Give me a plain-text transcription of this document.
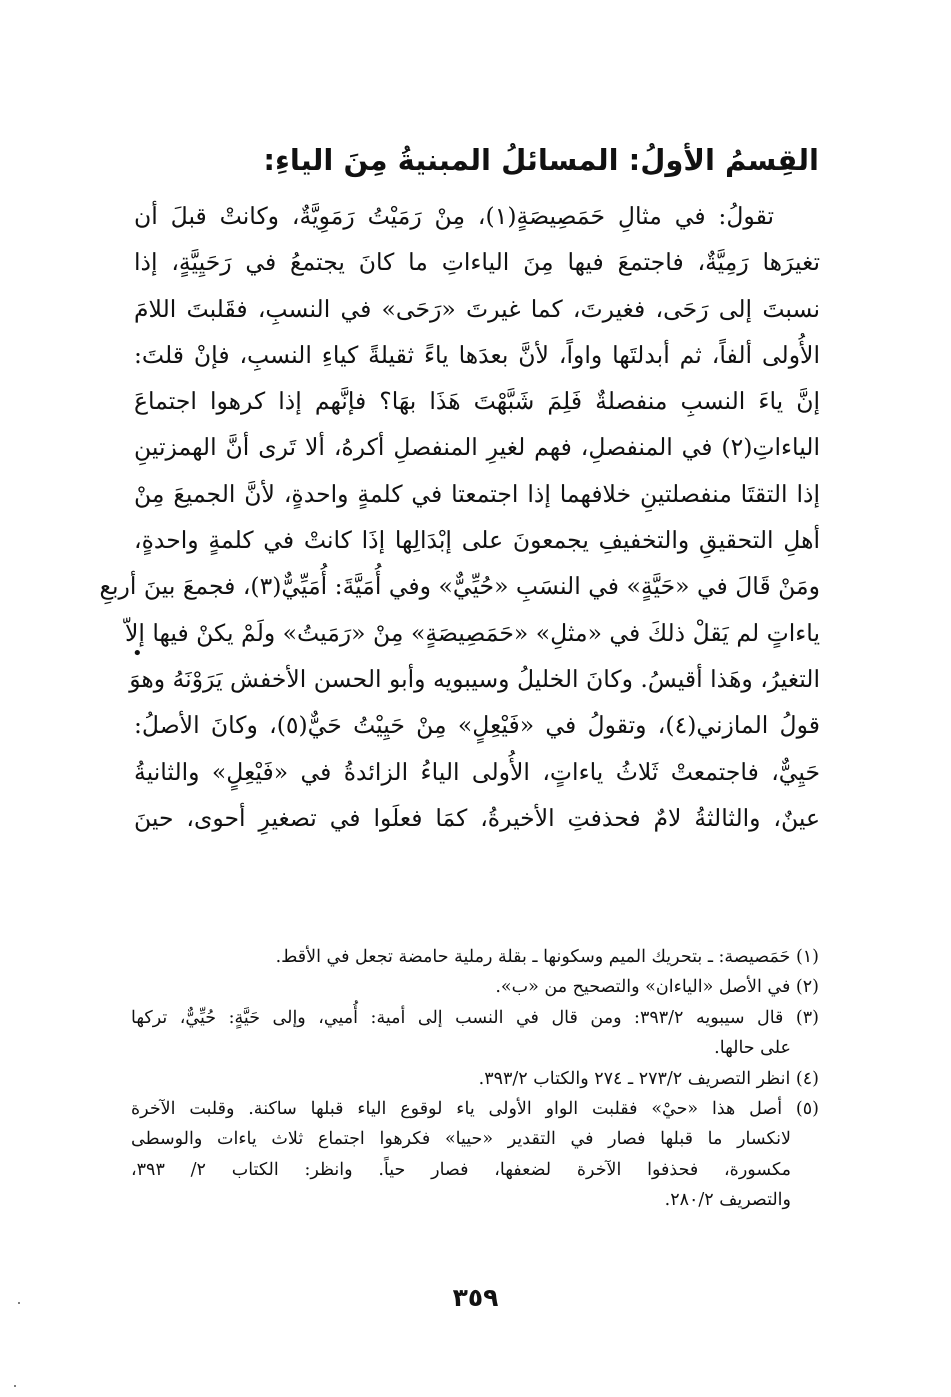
القِسمُ الأولُ: المسائلُ المبنيةُ مِنَ الياءِ:
تقولُ: في مثالِ حَمَصِيصَةٍ(١)، مِنْ رَمَيْتُ رَمَوِيَّةٌ، وكانتْ قبلَ أن
تغيرَها رَمِيَّةٌ، فاجتمعَ فيها مِنَ الياءاتِ ما كانَ يجتمعُ في رَحَيِيَّةٍ، إذا
نسبتَ إلى رَحَى، فغيرتَ، كما غيرتَ «رَحَى» في النسبِ، فقَلبتَ اللامَ
الأُولى ألفاً، ثم أبدلتَها واواً، لأنَّ بعدَها ياءً ثقيلةً كياءِ النسبِ، فإنْ قلتَ:
إنَّ ياءَ النسبِ منفصلةٌ فَلِمَ شَبَّهْتَ هَذَا بهَا؟ فإنَّهم إذا كرهوا اجتماعَ
الياءاتِ(٢) في المنفصلِ، فهم لغيرِ المنفصلِ أكرهُ، ألا تَرى أنَّ الهمزتينِ
إذا التقتَا منفصلتينِ خلافهما إذا اجتمعتا في كلمةٍ واحدةٍ، لأنَّ الجميعَ مِنْ
أهلِ التحقيقِ والتخفيفِ يجمعونَ على إبْدَالِها إذَا كانتْ في كلمةٍ واحدةٍ،
ومَنْ قَالَ في «حَيَّةٍ» في النسَبِ «حُيِّيٌّ» وفي أُمَيَّةَ: أُمَيِّيٌّ(٣)، فجمعَ بينَ أربعِ
ياءاتٍ لم يَقلْ ذلكَ في «مثلِ» «حَمَصِيصَةٍ» مِنْ «رَمَيتُ» ولَمْ يكنْ فيها إلاّ
التغيرُ، وهَذا أقيسُ. وكانَ الخليلُ وسيبويه وأبو الحسن الأخفش يَرَوْنَهُ وهوَ
قولُ المازني(٤)، وتقولُ في «فَيْعِلٍ» مِنْ حَيِيْتُ حَيٌّ(٥)، وكانَ الأصلُ:
حَيِيٌّ، فاجتمعتْ ثَلاثُ ياءاتٍ، الأُولى الياءُ الزائدةُ في «فَيْعِلٍ» والثانيةُ
عينٌ، والثالثةُ لامٌ فحذفتِ الأخيرةُ، كمَا فعلَوا في تصغيرِ أحوى، حينَ
•
(١) حَمَصيصة: ـ بتحريك الميم وسكونها ـ بقلة رملية حامضة تجعل في الأقط.
(٢) في الأصل «الياءان» والتصحيح من «ب».
(٣) قال سيبويه ٣٩٣/٢: ومن قال في النسب إلى أمية: أُميي، وإلى حَيَّةٍ: حُيِّيٌّ، تركها
على حالها.
(٤) انظر التصريف ٢٧٣/٢ ـ ٢٧٤ والكتاب ٣٩٣/٢.
(٥) أصل هذا «حيْ» فقلبت الواو الأولى ياء لوقوع الياء قبلها ساكنة. وقلبت الآخرة
لانكسار ما قبلها فصار في التقدير «حييا» فكرهوا اجتماع ثلاث ياءات والوسطى
مكسورة، فحذفوا الآخرة لضعفها، فصار حياً. وانظر: الكتاب ٢/ ٣٩٣،
والتصريف ٢٨٠/٢.
٣٥٩
